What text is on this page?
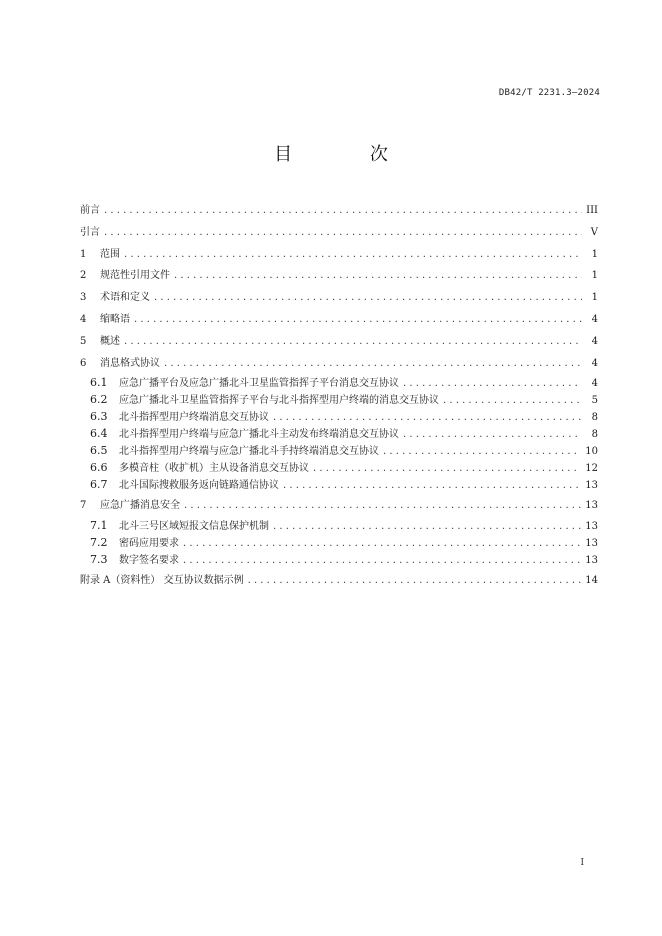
DB42/T 2231.3—2024
目 次
前言 . . .	III
引言 . . .	V
1	范围 . . .	1
2	规范性引用文件 . . .	1
3	术语和定义 . . .	1
4	缩略语 . . .	4
5	概述 . . .	4
6	消息格式协议 . . .	4
6.1	应急广播平台及应急广播北斗卫星监管指挥子平台消息交互协议 . . .	4
6.2	应急广播北斗卫星监管指挥子平台与北斗指挥型用户终端的消息交互协议 . . .	5
6.3	北斗指挥型用户终端消息交互协议 . . .	8
6.4	北斗指挥型用户终端与应急广播北斗主动发布终端消息交互协议 . . .	8
6.5	北斗指挥型用户终端与应急广播北斗手持终端消息交互协议 . . .	10
6.6	多模音柱（收扩机）主从设备消息交互协议 . . .	12
6.7	北斗国际搜救服务返向链路通信协议 . . .	13
7	应急广播消息安全 . . .	13
7.1	北斗三号区域短报文信息保护机制 . . .	13
7.2	密码应用要求 . . .	13
7.3	数字签名要求 . . .	13
附录 A（资料性） 交互协议数据示例 . . .	14
I
